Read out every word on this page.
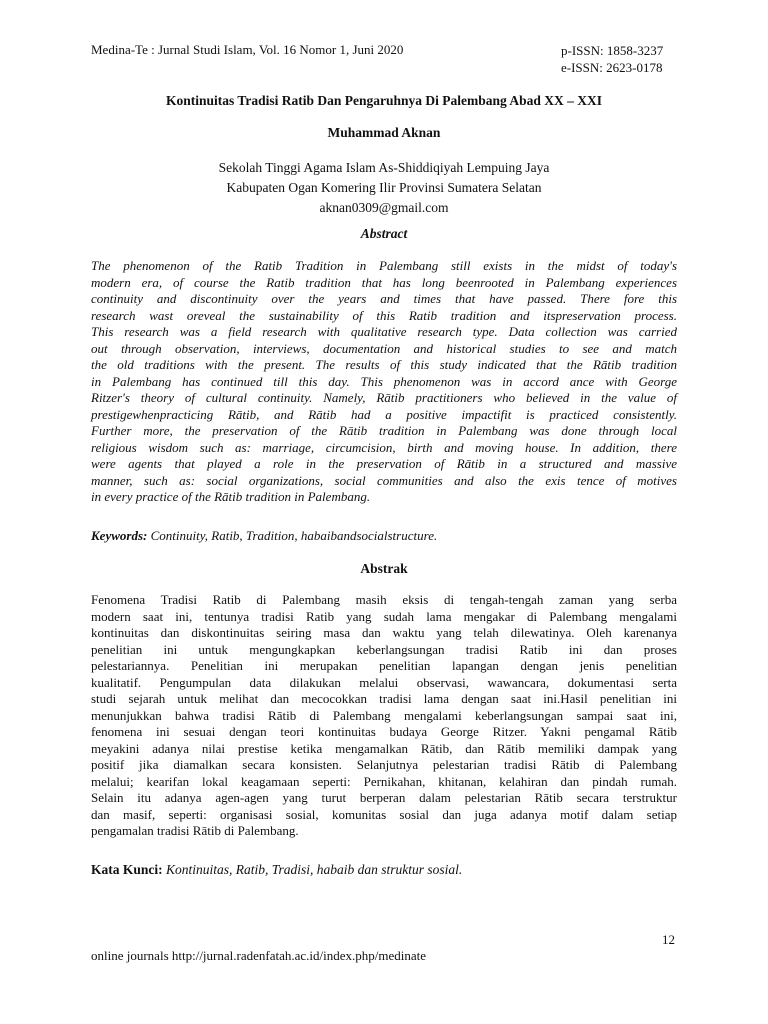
Medina-Te : Jurnal Studi Islam, Vol. 16 Nomor 1, Juni 2020	p-ISSN: 1858-3237
e-ISSN: 2623-0178
Kontinuitas Tradisi Ratib Dan Pengaruhnya Di Palembang Abad XX – XXI
Muhammad Aknan
Sekolah Tinggi Agama Islam As-Shiddiqiyah Lempuing Jaya
Kabupaten Ogan Komering Ilir Provinsi Sumatera Selatan
aknan0309@gmail.com
Abstract
The phenomenon of the Ratib Tradition in Palembang still exists in the midst of today's
modern era, of course the Ratib tradition that has long beenrooted in Palembang experiences
continuity and discontinuity over the years and times that have passed. There fore this
research wast oreveal the sustainability of this Ratib tradition and itspreservation process.
This research was a field research with qualitative research type. Data collection was carried
out through observation, interviews, documentation and historical studies to see and match
the old traditions with the present. The results of this study indicated that the Rātib tradition
in Palembang has continued till this day. This phenomenon was in accord ance with George
Ritzer's theory of cultural continuity. Namely, Rātib practitioners who believed in the value of
prestigewhenpracticing Rātib, and Rātib had a positive impactifit is practiced consistently.
Further more, the preservation of the Rātib tradition in Palembang was done through local
religious wisdom such as: marriage, circumcision, birth and moving house. In addition, there
were agents that played a role in the preservation of Rātib in a structured and massive
manner, such as: social organizations, social communities and also the exis tence of motives
in every practice of the Rātib tradition in Palembang.
Keywords: Continuity, Ratib, Tradition, habaibandsocialstructure.
Abstrak
Fenomena Tradisi Ratib di Palembang masih eksis di tengah-tengah zaman yang serba
modern saat ini, tentunya tradisi Ratib yang sudah lama mengakar di Palembang mengalami
kontinuitas dan diskontinuitas seiring masa dan waktu yang telah dilewatinya. Oleh karenanya
penelitian ini untuk mengungkapkan keberlangsungan tradisi Ratib ini dan proses
pelestariannya. Penelitian ini merupakan penelitian lapangan dengan jenis penelitian
kualitatif. Pengumpulan data dilakukan melalui observasi, wawancara, dokumentasi serta
studi sejarah untuk melihat dan mecocokkan tradisi lama dengan saat ini.Hasil penelitian ini
menunjukkan bahwa tradisi Rātib di Palembang mengalami keberlangsungan sampai saat ini,
fenomena ini sesuai dengan teori kontinuitas budaya George Ritzer. Yakni pengamal Rātib
meyakini adanya nilai prestise ketika mengamalkan Rātib, dan Rātib memiliki dampak yang
positif jika diamalkan secara konsisten. Selanjutnya pelestarian tradisi Rātib di Palembang
melalui; kearifan lokal keagamaan seperti: Pernikahan, khitanan, kelahiran dan pindah rumah.
Selain itu adanya agen-agen yang turut berperan dalam pelestarian Rātib secara terstruktur
dan masif, seperti: organisasi sosial, komunitas sosial dan juga adanya motif dalam setiap
pengamalan tradisi Rātib di Palembang.
Kata Kunci: Kontinuitas, Ratib, Tradisi, habaib dan struktur sosial.
12
online journals http://jurnal.radenfatah.ac.id/index.php/medinate
